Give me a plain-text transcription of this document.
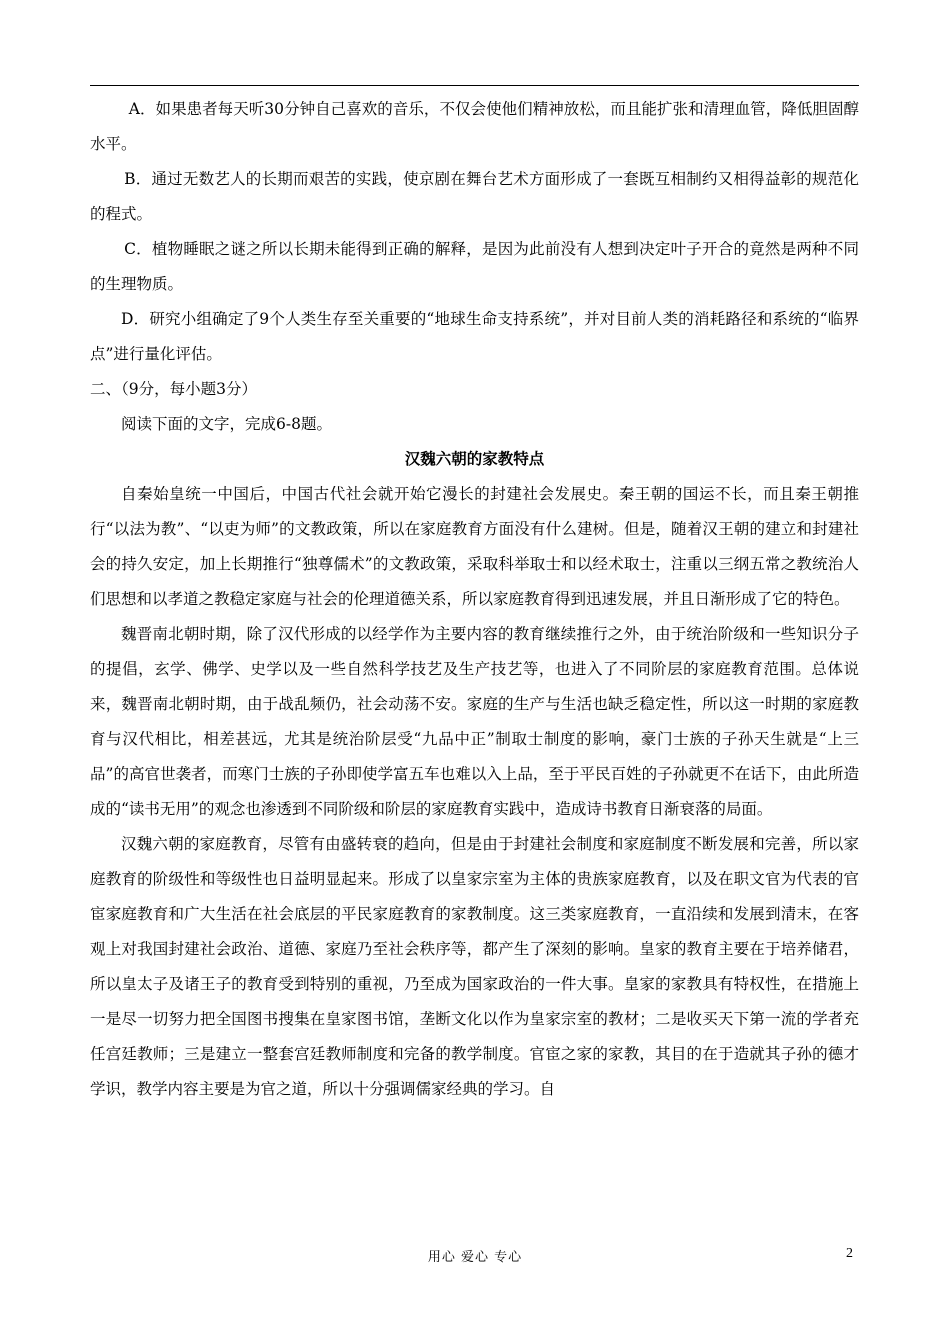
A．如果患者每天听30分钟自己喜欢的音乐，不仅会使他们精神放松，而且能扩张和清理血管，降低胆固醇水平。

B．通过无数艺人的长期而艰苦的实践，使京剧在舞台艺术方面形成了一套既互相制约又相得益彰的规范化的程式。

C．植物睡眠之谜之所以长期未能得到正确的解释，是因为此前没有人想到决定叶子开合的竟然是两种不同的生理物质。

D．研究小组确定了9个人类生存至关重要的“地球生命支持系统”，并对目前人类的消耗路径和系统的“临界点”进行量化评估。

二、（9分，每小题3分）

阅读下面的文字，完成6-8题。

汉魏六朝的家教特点

自秦始皇统一中国后，中国古代社会就开始它漫长的封建社会发展史。秦王朝的国运不长，而且秦王朝推行“以法为教”、“以吏为师”的文教政策，所以在家庭教育方面没有什么建树。但是，随着汉王朝的建立和封建社会的持久安定，加上长期推行“独尊儒术”的文教政策，采取科举取士和以经术取士，注重以三纲五常之教统治人们思想和以孝道之教稳定家庭与社会的伦理道德关系，所以家庭教育得到迅速发展，并且日渐形成了它的特色。

魏晋南北朝时期，除了汉代形成的以经学作为主要内容的教育继续推行之外，由于统治阶级和一些知识分子的提倡，玄学、佛学、史学以及一些自然科学技艺及生产技艺等，也进入了不同阶层的家庭教育范围。总体说来，魏晋南北朝时期，由于战乱频仍，社会动荡不安。家庭的生产与生活也缺乏稳定性，所以这一时期的家庭教育与汉代相比，相差甚远，尤其是统治阶层受“九品中正”制取士制度的影响，豪门士族的子孙天生就是“上三品”的高官世袭者，而寒门士族的子孙即使学富五车也难以入上品，至于平民百姓的子孙就更不在话下，由此所造成的“读书无用”的观念也渗透到不同阶级和阶层的家庭教育实践中，造成诗书教育日渐衰落的局面。

汉魏六朝的家庭教育，尽管有由盛转衰的趋向，但是由于封建社会制度和家庭制度不断发展和完善，所以家庭教育的阶级性和等级性也日益明显起来。形成了以皇家宗室为主体的贵族家庭教育，以及在职文官为代表的官宦家庭教育和广大生活在社会底层的平民家庭教育的家教制度。这三类家庭教育，一直沿续和发展到清末，在客观上对我国封建社会政治、道德、家庭乃至社会秩序等，都产生了深刻的影响。皇家的教育主要在于培养储君，所以皇太子及诸王子的教育受到特别的重视，乃至成为国家政治的一件大事。皇家的家教具有特权性，在措施上一是尽一切努力把全国图书搜集在皇家图书馆，垄断文化以作为皇家宗室的教材；二是收买天下第一流的学者充任宫廷教师；三是建立一整套宫廷教师制度和完备的教学制度。官宦之家的家教，其目的在于造就其子孙的德才学识，教学内容主要是为官之道，所以十分强调儒家经典的学习。自

用心 爱心 专心	2
